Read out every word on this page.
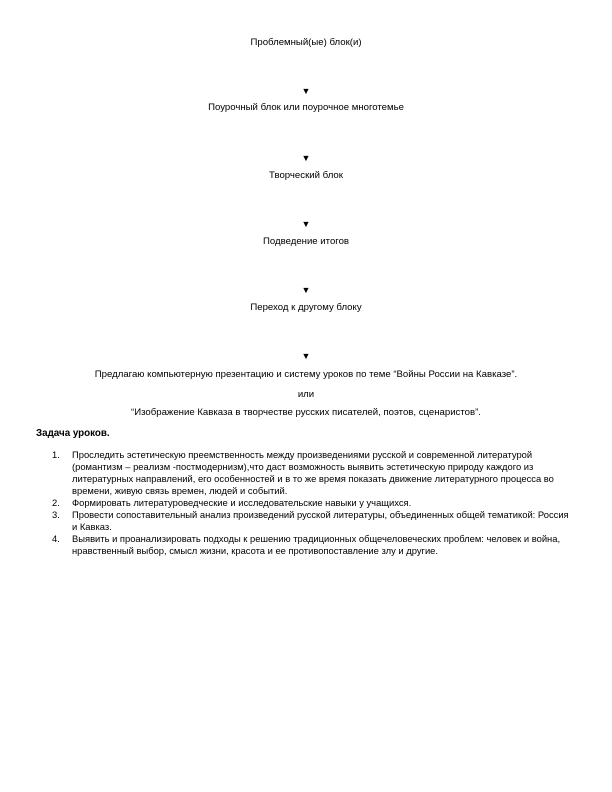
Проблемный(ые) блок(и)
▼
Поурочный блок или поурочное многотемье
▼
Творческий блок
▼
Подведение итогов
▼
Переход к другому блоку
▼
Предлагаю компьютерную презентацию и систему уроков по теме “Войны России на Кавказе”.
или
“Изображение Кавказа в творчестве русских писателей, поэтов, сценаристов”.
Задача уроков.
1. Проследить эстетическую преемственность между произведениями русской и современной литературой (романтизм – реализм -постмодернизм),что даст возможность выявить эстетическую природу каждого из литературных направлений, его особенностей и в то же время показать движение литературного процесса во времени, живую связь времен, людей и событий.
2. Формировать литературоведческие и исследовательские навыки у учащихся.
3. Провести сопоставительный анализ произведений русской литературы, объединенных общей тематикой: Россия и Кавказ.
4. Выявить и проанализировать подходы к решению традиционных общечеловеческих проблем: человек и война, нравственный выбор, смысл жизни, красота и ее противопоставление злу и другие.
